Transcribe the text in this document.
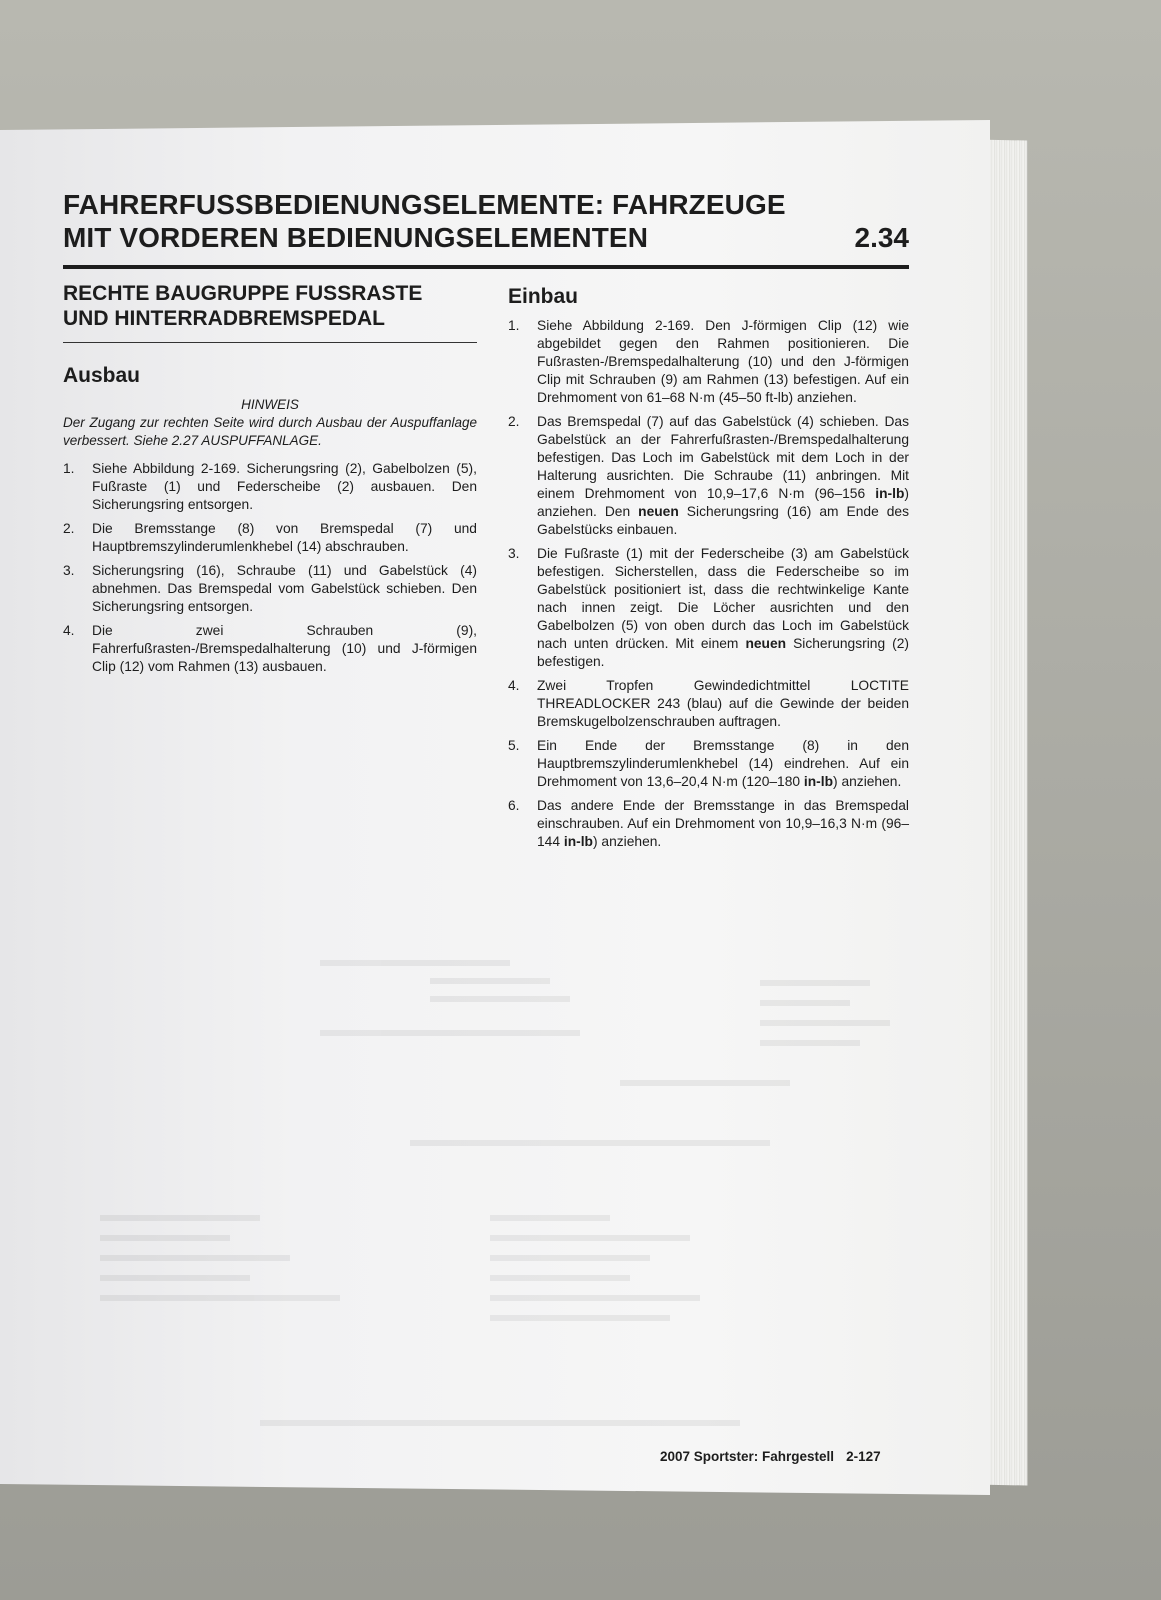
FAHRERFUSSBEDIENUNGSELEMENTE: FAHRZEUGE
MIT VORDEREN BEDIENUNGSELEMENTEN	2.34
RECHTE BAUGRUPPE FUSSRASTE
UND HINTERRADBREMSPEDAL
Ausbau

HINWEIS

Der Zugang zur rechten Seite wird durch Ausbau der Auspuffanlage verbessert. Siehe 2.27 AUSPUFFANLAGE.

1. Siehe Abbildung 2-169. Sicherungsring (2), Gabelbolzen (5), Fußraste (1) und Federscheibe (2) ausbauen. Den Sicherungsring entsorgen.
2. Die Bremsstange (8) von Bremspedal (7) und Hauptbremszylinderumlenkhebel (14) abschrauben.
3. Sicherungsring (16), Schraube (11) und Gabelstück (4) abnehmen. Das Bremspedal vom Gabelstück schieben. Den Sicherungsring entsorgen.
4. Die zwei Schrauben (9), Fahrerfußrasten-/Bremspedalhalterung (10) und J-förmigen Clip (12) vom Rahmen (13) ausbauen.
Einbau
1. Siehe Abbildung 2-169. Den J-förmigen Clip (12) wie abgebildet gegen den Rahmen positionieren. Die Fußrasten-/Bremspedalhalterung (10) und den J-förmigen Clip mit Schrauben (9) am Rahmen (13) befestigen. Auf ein Drehmoment von 61–68 N·m (45–50 ft-lb) anziehen.
2. Das Bremspedal (7) auf das Gabelstück (4) schieben. Das Gabelstück an der Fahrerfußrasten-/Bremspedalhalterung befestigen. Das Loch im Gabelstück mit dem Loch in der Halterung ausrichten. Die Schraube (11) anbringen. Mit einem Drehmoment von 10,9–17,6 N·m (96–156 in-lb) anziehen. Den neuen Sicherungsring (16) am Ende des Gabelstücks einbauen.
3. Die Fußraste (1) mit der Federscheibe (3) am Gabelstück befestigen. Sicherstellen, dass die Federscheibe so im Gabelstück positioniert ist, dass die rechtwinkelige Kante nach innen zeigt. Die Löcher ausrichten und den Gabelbolzen (5) von oben durch das Loch im Gabelstück nach unten drücken. Mit einem neuen Sicherungsring (2) befestigen.
4. Zwei Tropfen Gewindedichtmittel LOCTITE THREADLOCKER 243 (blau) auf die Gewinde der beiden Bremskugelbolzenschrauben auftragen.
5. Ein Ende der Bremsstange (8) in den Hauptbremszylinderumlenkhebel (14) eindrehen. Auf ein Drehmoment von 13,6–20,4 N·m (120–180 in-lb) anziehen.
6. Das andere Ende der Bremsstange in das Bremspedal einschrauben. Auf ein Drehmoment von 10,9–16,3 N·m (96–144 in-lb) anziehen.
2007 Sportster: Fahrgestell 2-127
